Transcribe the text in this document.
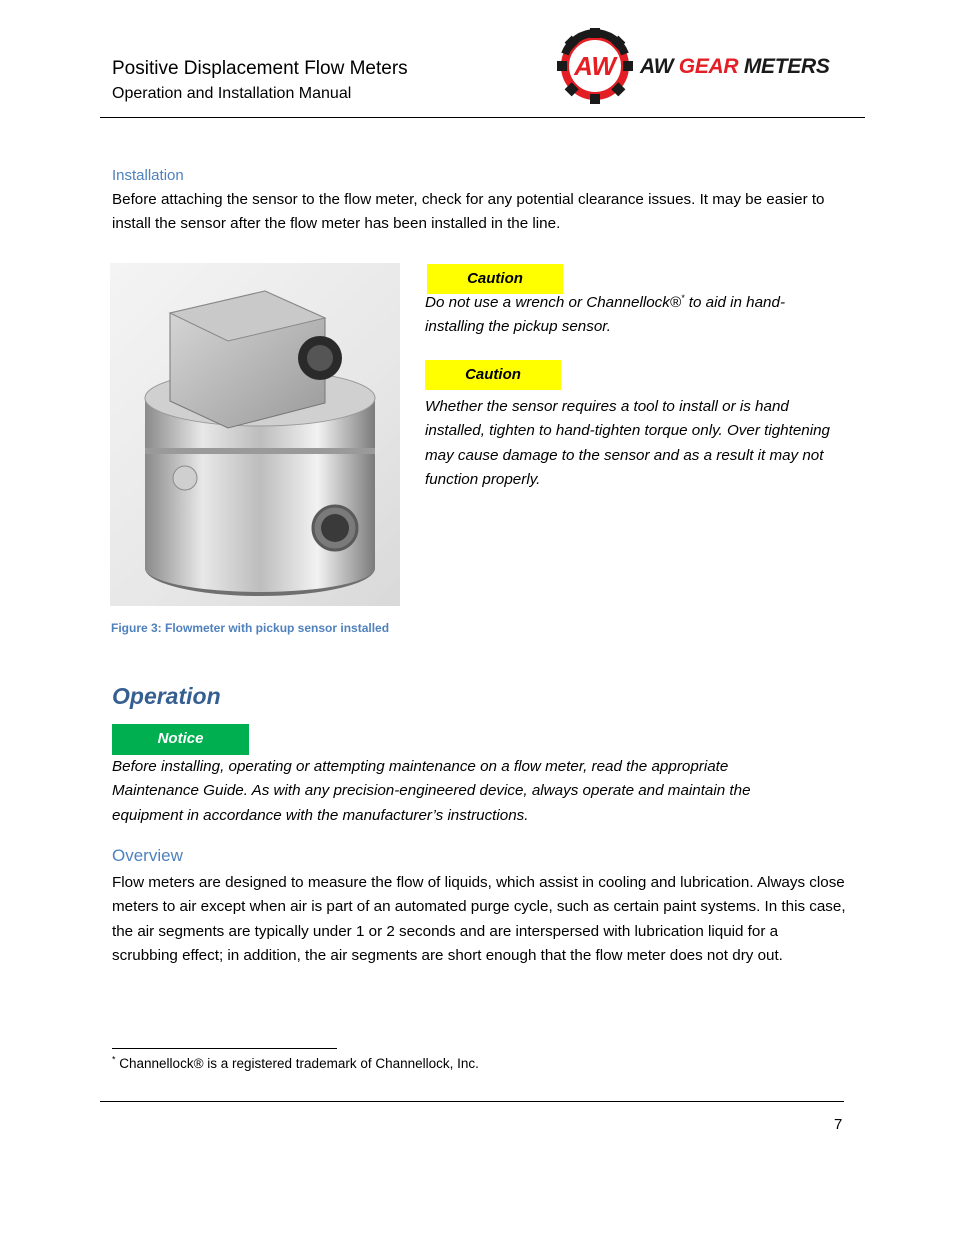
Positive Displacement Flow Meters
Operation and Installation Manual
AW AW GEAR METERS
Installation
Before attaching the sensor to the flow meter, check for any potential clearance issues. It may be easier to install the sensor after the flow meter has been installed in the line.
Figure 3: Flowmeter with pickup sensor installed
Caution
Do not use a wrench or Channellock®* to aid in hand-installing the pickup sensor.
Caution
Whether the sensor requires a tool to install or is hand installed, tighten to hand-tighten torque only. Over tightening may cause damage to the sensor and as a result it may not function properly.
Operation
Notice
Before installing, operating or attempting maintenance on a flow meter, read the appropriate Maintenance Guide. As with any precision-engineered device, always operate and maintain the equipment in accordance with the manufacturer’s instructions.
Overview
Flow meters are designed to measure the flow of liquids, which assist in cooling and lubrication. Always close meters to air except when air is part of an automated purge cycle, such as certain paint systems. In this case, the air segments are typically under 1 or 2 seconds and are interspersed with lubrication liquid for a scrubbing effect; in addition, the air segments are short enough that the flow meter does not dry out.
* Channellock® is a registered trademark of Channellock, Inc.
7
